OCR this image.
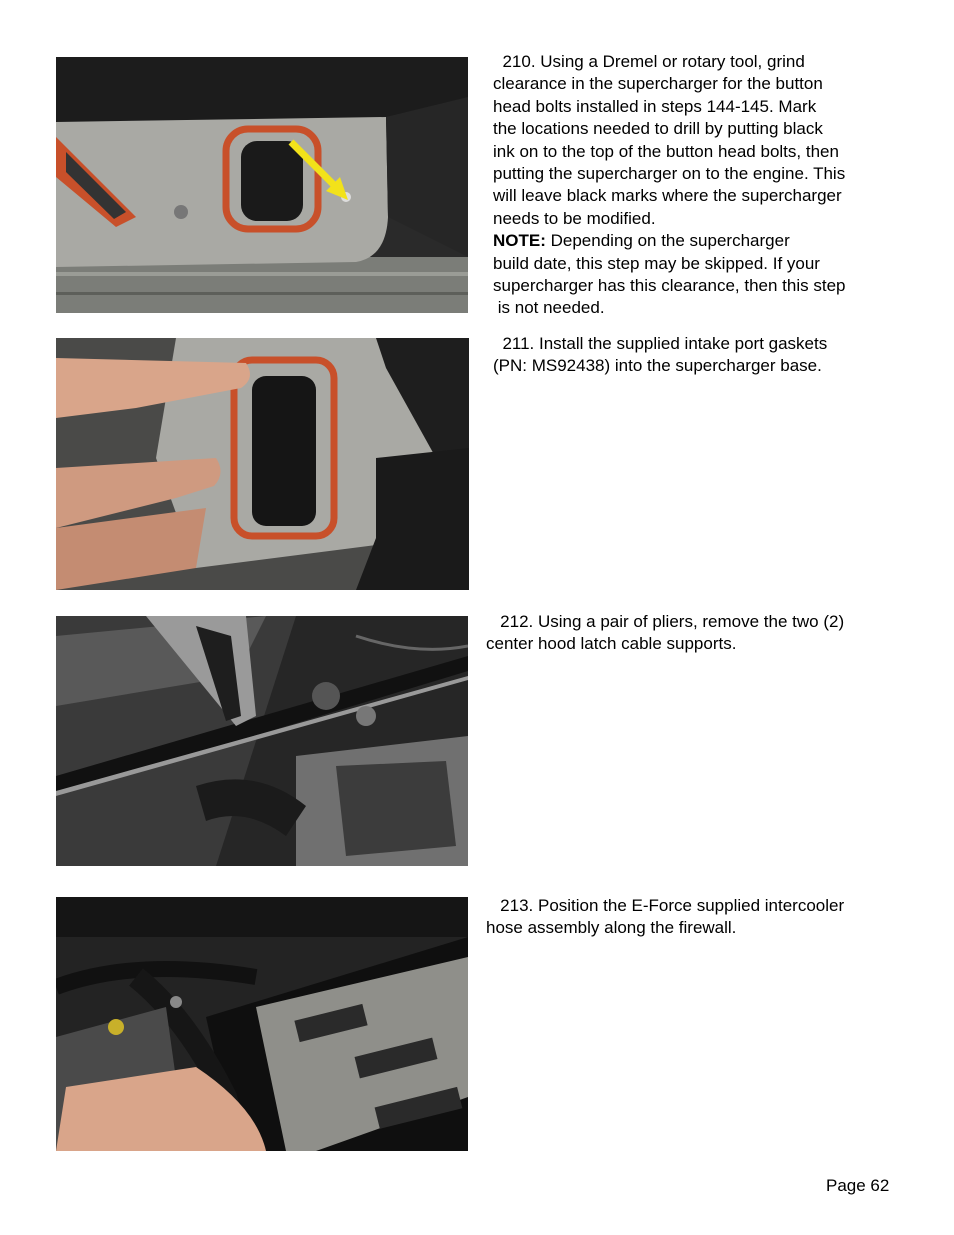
210. Using a Dremel or rotary tool, grind
clearance in the supercharger for the button
head bolts installed in steps 144-145. Mark
the locations needed to drill by putting black
ink on to the top of the button head bolts, then
putting the supercharger on to the engine. This
will leave black marks where the supercharger
needs to be modified.
NOTE: Depending on the supercharger
build date, this step may be skipped. If your
supercharger has this clearance, then this step
is not needed.
211. Install the supplied intake port gaskets
(PN: MS92438) into the supercharger base.
212. Using a pair of pliers, remove the two (2)
center hood latch cable supports.
213. Position the E-Force supplied intercooler
hose assembly along the firewall.
Page 62
